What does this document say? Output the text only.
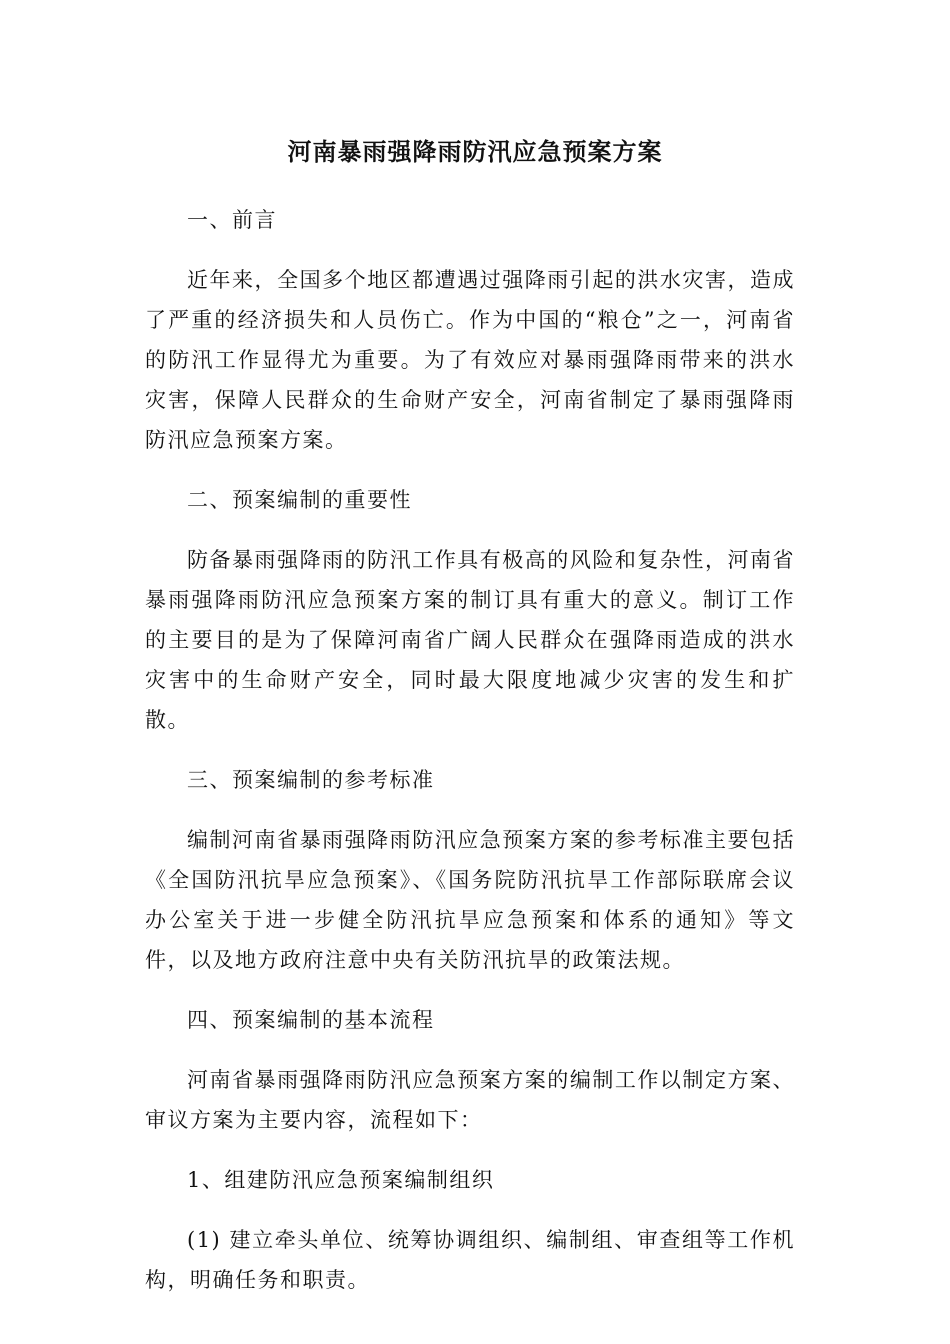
河南暴雨强降雨防汛应急预案方案

一、前言

近年来，全国多个地区都遭遇过强降雨引起的洪水灾害，造成了严重的经济损失和人员伤亡。作为中国的“粮仓”之一，河南省的防汛工作显得尤为重要。为了有效应对暴雨强降雨带来的洪水灾害，保障人民群众的生命财产安全，河南省制定了暴雨强降雨防汛应急预案方案。

二、预案编制的重要性

防备暴雨强降雨的防汛工作具有极高的风险和复杂性，河南省暴雨强降雨防汛应急预案方案的制订具有重大的意义。制订工作的主要目的是为了保障河南省广阔人民群众在强降雨造成的洪水灾害中的生命财产安全，同时最大限度地减少灾害的发生和扩散。

三、预案编制的参考标准

编制河南省暴雨强降雨防汛应急预案方案的参考标准主要包括《全国防汛抗旱应急预案》、《国务院防汛抗旱工作部际联席会议办公室关于进一步健全防汛抗旱应急预案和体系的通知》等文件，以及地方政府注意中央有关防汛抗旱的政策法规。

四、预案编制的基本流程

河南省暴雨强降雨防汛应急预案方案的编制工作以制定方案、审议方案为主要内容，流程如下：

1、组建防汛应急预案编制组织

(1) 建立牵头单位、统筹协调组织、编制组、审查组等工作机构，明确任务和职责。
